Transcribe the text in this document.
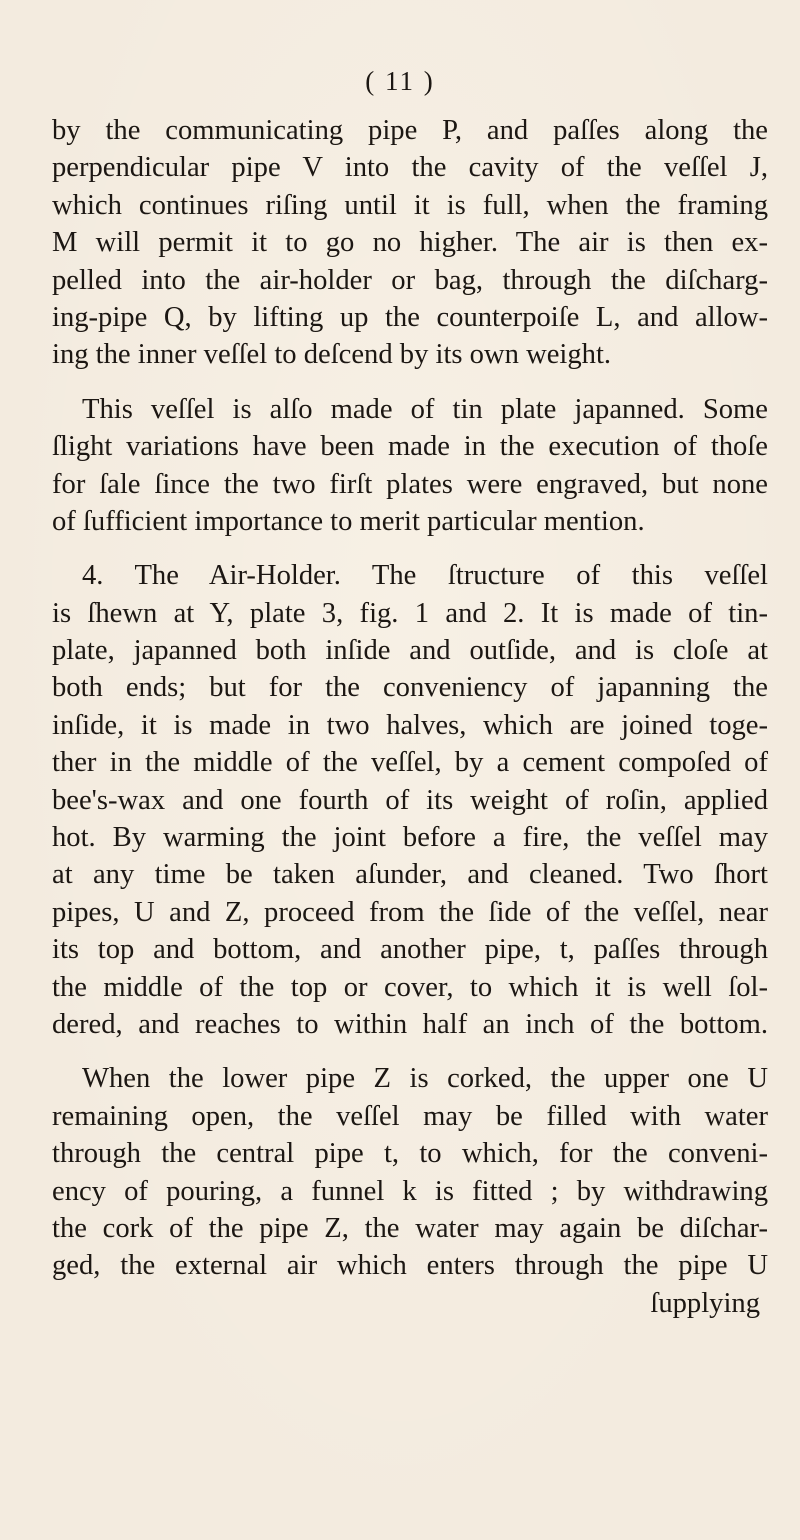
( 11 )

by the communicating pipe P, and paſſes along the
perpendicular pipe V into the cavity of the veſſel J,
which continues riſing until it is full, when the framing
M will permit it to go no higher. The air is then ex-
pelled into the air-holder or bag, through the diſcharg-
ing-pipe Q, by lifting up the counterpoiſe L, and allow-
ing the inner veſſel to deſcend by its own weight.

This veſſel is alſo made of tin plate japanned. Some
ſlight variations have been made in the execution of thoſe
for ſale ſince the two firſt plates were engraved, but none
of ſufficient importance to merit particular mention.

4. The Air-Holder. The ſtructure of this veſſel
is ſhewn at Y, plate 3, fig. 1 and 2. It is made of tin-
plate, japanned both inſide and outſide, and is cloſe at
both ends; but for the conveniency of japanning the
inſide, it is made in two halves, which are joined toge-
ther in the middle of the veſſel, by a cement compoſed of
bee's-wax and one fourth of its weight of roſin, applied
hot. By warming the joint before a fire, the veſſel may
at any time be taken aſunder, and cleaned. Two ſhort
pipes, U and Z, proceed from the ſide of the veſſel, near
its top and bottom, and another pipe, t, paſſes through
the middle of the top or cover, to which it is well ſol-
dered, and reaches to within half an inch of the bottom.

When the lower pipe Z is corked, the upper one U
remaining open, the veſſel may be filled with water
through the central pipe t, to which, for the conveni-
ency of pouring, a funnel k is fitted ; by withdrawing
the cork of the pipe Z, the water may again be diſchar-
ged, the external air which enters through the pipe U
ſupplying
